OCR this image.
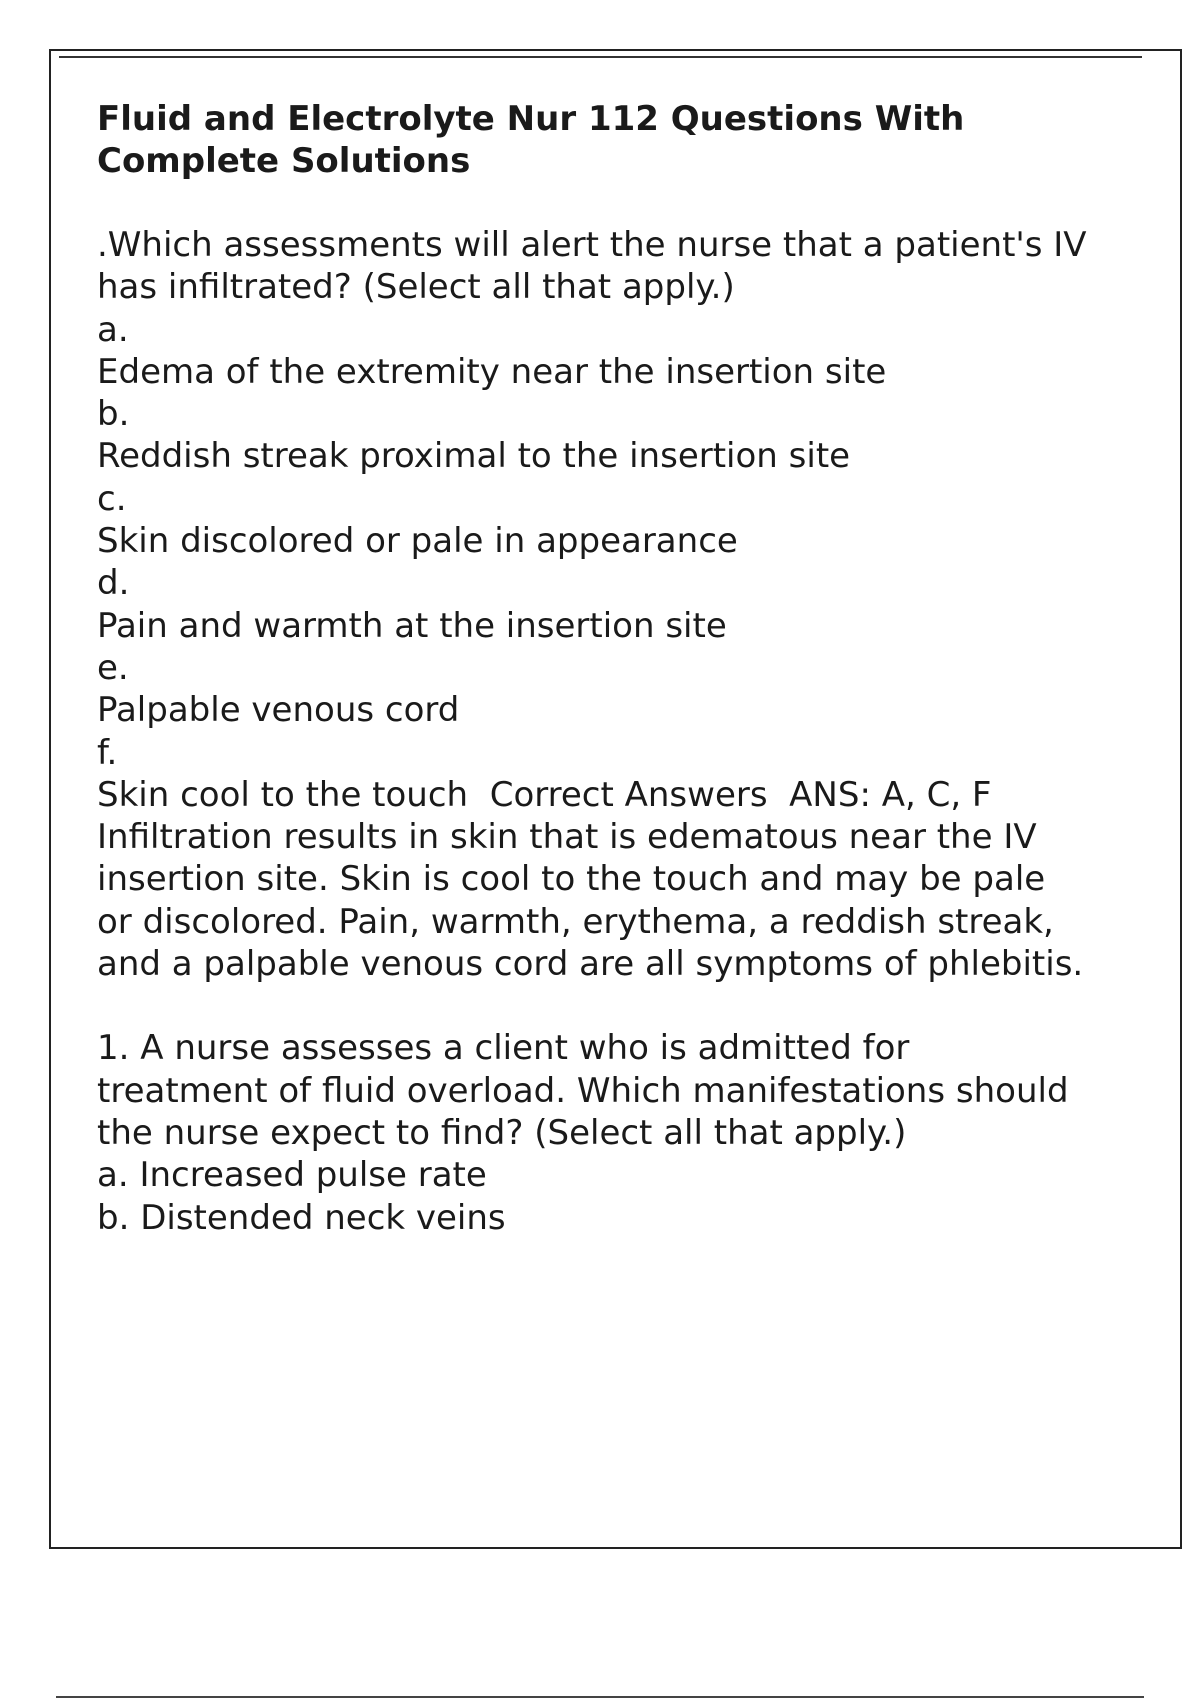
Fluid and Electrolyte Nur 112 Questions With Complete Solutions
.Which assessments will alert the nurse that a patient's IV has infiltrated? (Select all that apply.)
a.
Edema of the extremity near the insertion site
b.
Reddish streak proximal to the insertion site
c.
Skin discolored or pale in appearance
d.
Pain and warmth at the insertion site
e.
Palpable venous cord
f.
Skin cool to the touch  Correct Answers  ANS: A, C, F
Infiltration results in skin that is edematous near the IV insertion site. Skin is cool to the touch and may be pale or discolored. Pain, warmth, erythema, a reddish streak, and a palpable venous cord are all symptoms of phlebitis.
1. A nurse assesses a client who is admitted for treatment of fluid overload. Which manifestations should the nurse expect to find? (Select all that apply.)
a. Increased pulse rate
b. Distended neck veins
